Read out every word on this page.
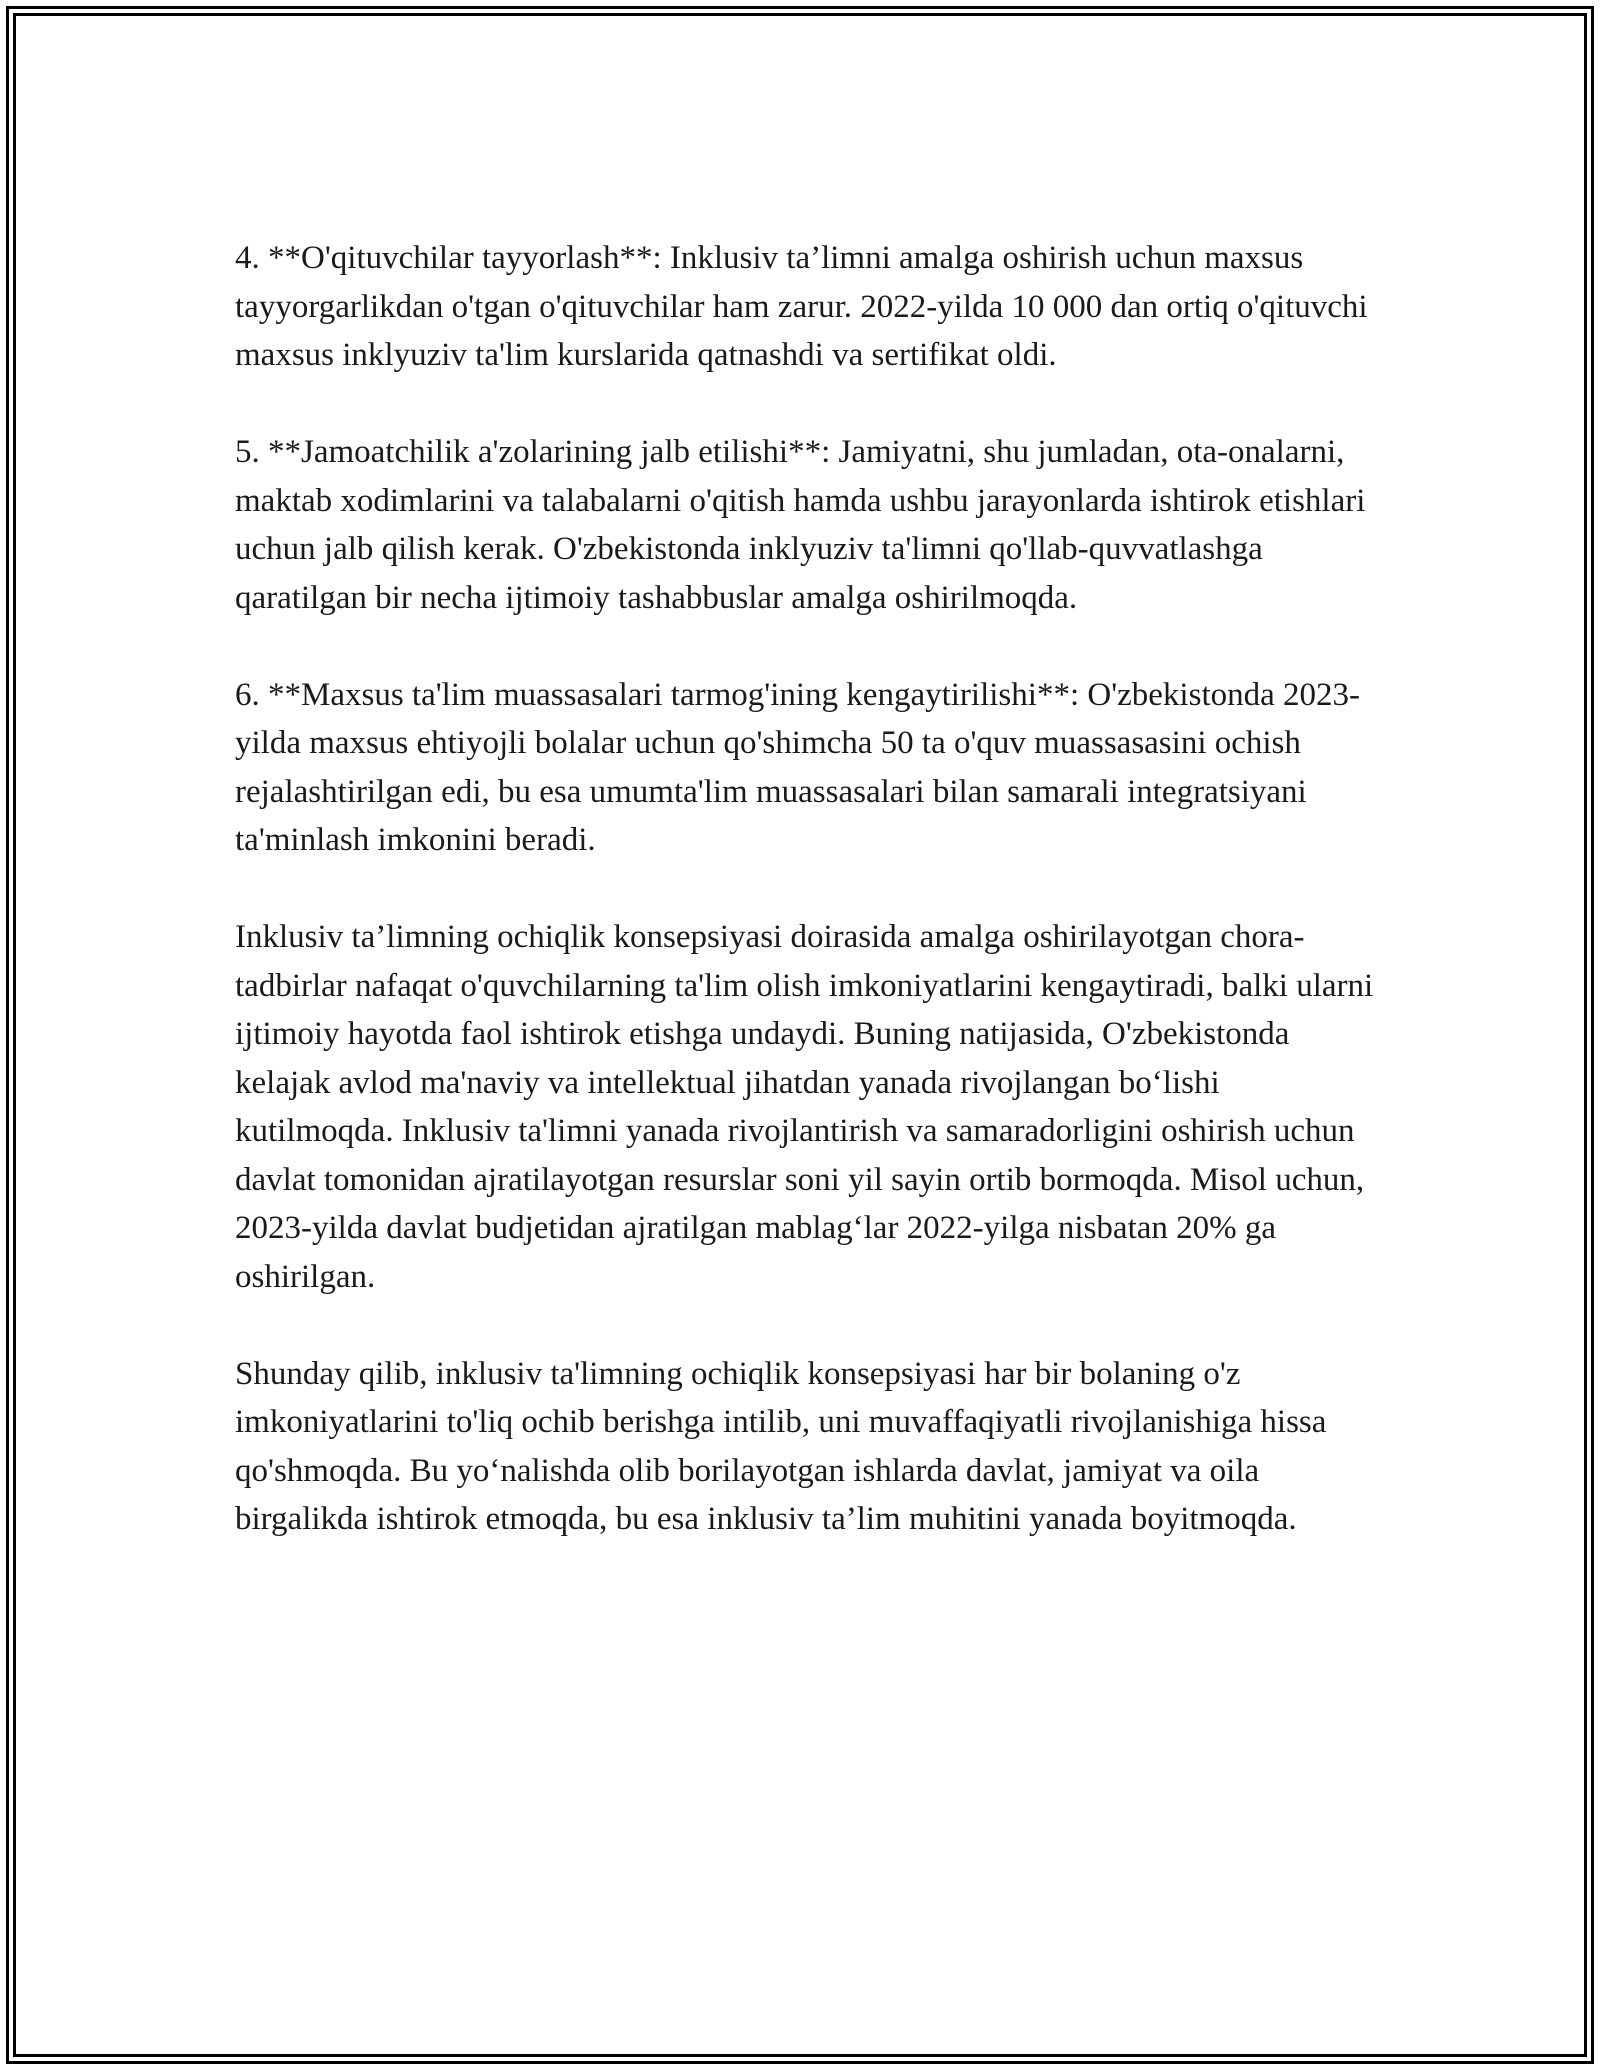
4. **O'qituvchilar tayyorlash**: Inklusiv ta’limni amalga oshirish uchun maxsus tayyorgarlikdan o'tgan o'qituvchilar ham zarur. 2022-yilda 10 000 dan ortiq o'qituvchi maxsus inklyuziv ta'lim kurslarida qatnashdi va sertifikat oldi.

5. **Jamoatchilik a'zolarining jalb etilishi**: Jamiyatni, shu jumladan, ota-onalarni, maktab xodimlarini va talabalarni o'qitish hamda ushbu jarayonlarda ishtirok etishlari uchun jalb qilish kerak. O'zbekistonda inklyuziv ta'limni qo'llab-quvvatlashga qaratilgan bir necha ijtimoiy tashabbuslar amalga oshirilmoqda.

6. **Maxsus ta'lim muassasalari tarmog'ining kengaytirilishi**: O'zbekistonda 2023-yilda maxsus ehtiyojli bolalar uchun qo'shimcha 50 ta o'quv muassasasini ochish rejalashtirilgan edi, bu esa umumta'lim muassasalari bilan samarali integratsiyani ta'minlash imkonini beradi.

Inklusiv ta’limning ochiqlik konsepsiyasi doirasida amalga oshirilayotgan chora-tadbirlar nafaqat o'quvchilarning ta'lim olish imkoniyatlarini kengaytiradi, balki ularni ijtimoiy hayotda faol ishtirok etishga undaydi. Buning natijasida, O'zbekistonda kelajak avlod ma'naviy va intellektual jihatdan yanada rivojlangan bo‘lishi kutilmoqda. Inklusiv ta'limni yanada rivojlantirish va samaradorligini oshirish uchun davlat tomonidan ajratilayotgan resurslar soni yil sayin ortib bormoqda. Misol uchun, 2023-yilda davlat budjetidan ajratilgan mablag‘lar 2022-yilga nisbatan 20% ga oshirilgan.

Shunday qilib, inklusiv ta'limning ochiqlik konsepsiyasi har bir bolaning o'z imkoniyatlarini to'liq ochib berishga intilib, uni muvaffaqiyatli rivojlanishiga hissa qo'shmoqda. Bu yo‘nalishda olib borilayotgan ishlarda davlat, jamiyat va oila birgalikda ishtirok etmoqda, bu esa inklusiv ta’lim muhitini yanada boyitmoqda.
